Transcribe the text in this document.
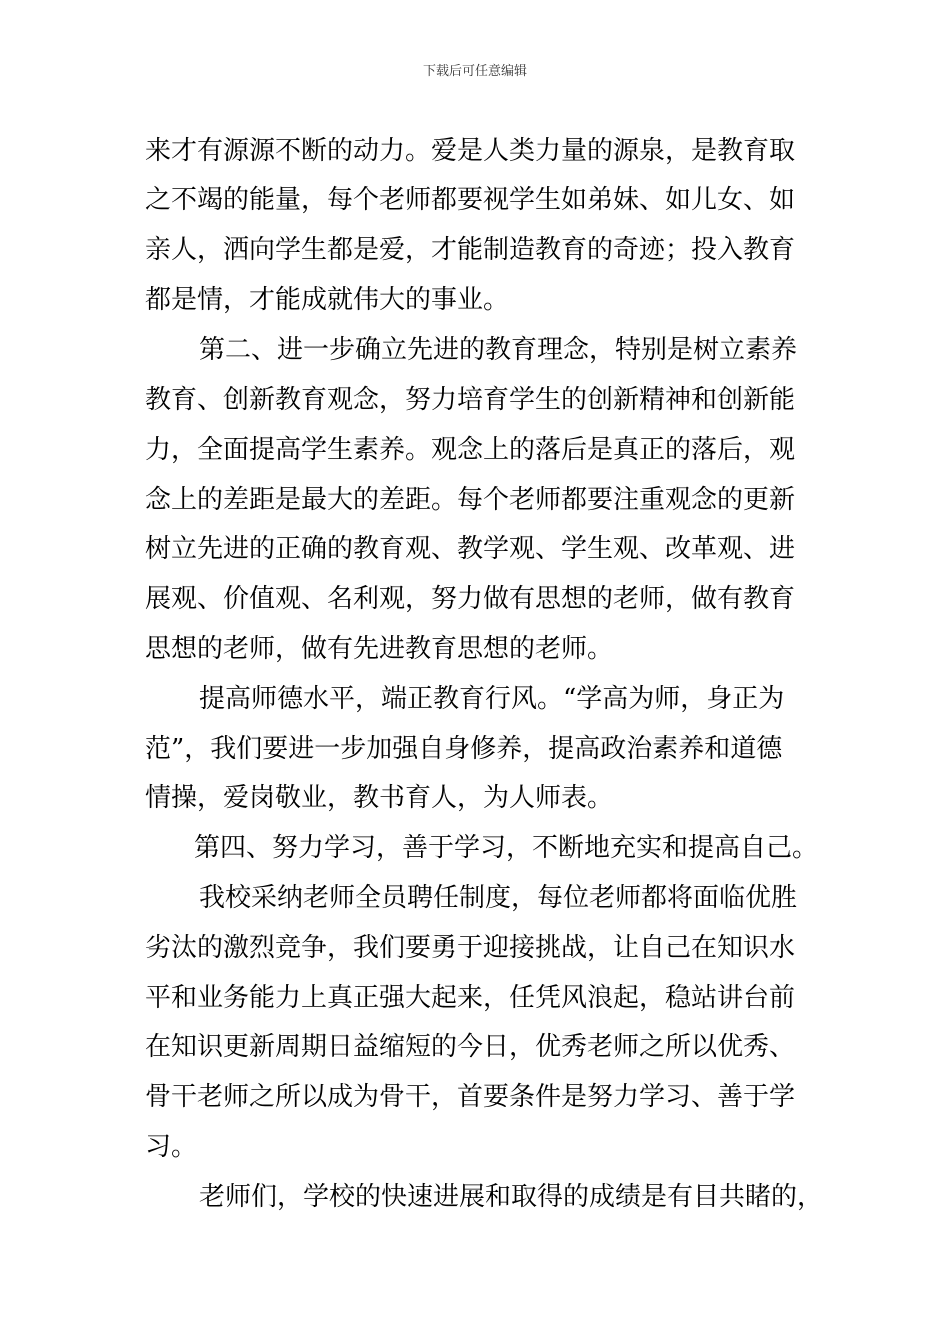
下载后可任意编辑
来才有源源不断的动力。爱是人类力量的源泉，是教育取
之不竭的能量，每个老师都要视学生如弟妹、如儿女、如
亲人，洒向学生都是爱，才能制造教育的奇迹；投入教育
都是情，才能成就伟大的事业。
第二、进一步确立先进的教育理念，特别是树立素养
教育、创新教育观念，努力培育学生的创新精神和创新能
力，全面提高学生素养。观念上的落后是真正的落后，观
念上的差距是最大的差距。每个老师都要注重观念的更新
树立先进的正确的教育观、教学观、学生观、改革观、进
展观、价值观、名利观，努力做有思想的老师，做有教育
思想的老师，做有先进教育思想的老师。
提高师德水平，端正教育行风。“学高为师，身正为
范”，我们要进一步加强自身修养，提高政治素养和道德
情操，爱岗敬业，教书育人，为人师表。
第四、努力学习，善于学习，不断地充实和提高自己。
我校采纳老师全员聘任制度，每位老师都将面临优胜
劣汰的激烈竞争，我们要勇于迎接挑战，让自己在知识水
平和业务能力上真正强大起来，任凭风浪起，稳站讲台前
在知识更新周期日益缩短的今日，优秀老师之所以优秀、
骨干老师之所以成为骨干，首要条件是努力学习、善于学
习。
老师们，学校的快速进展和取得的成绩是有目共睹的，
